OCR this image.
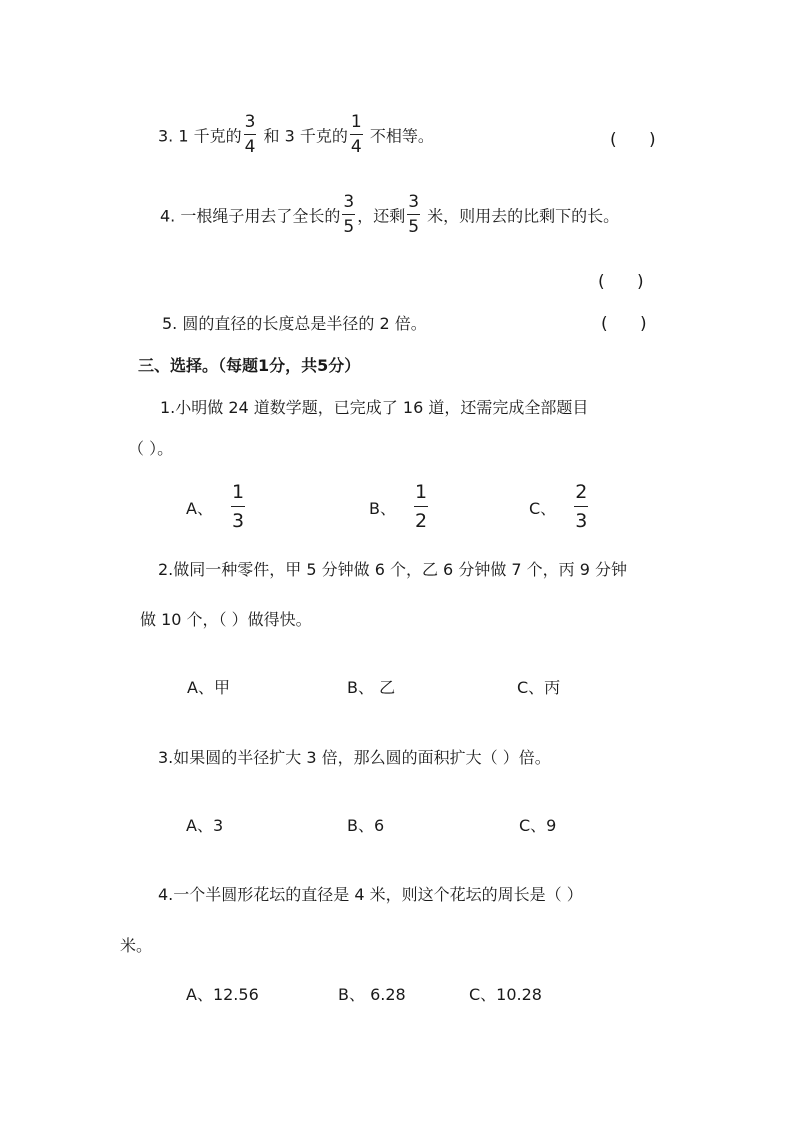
3. 1 千克的 $\frac{3}{4}$ 和 3 千克的 $\frac{1}{4}$ 不相等。	(      )
4. 一根绳子用去了全长的 $\frac{3}{5}$ ，还剩 $\frac{3}{5}$ 米，则用去的比剩下的长。
(      )
5. 圆的直径的长度总是半径的 2 倍。	(      )
三、选择。（每题1分，共5分）
1.小明做 24 道数学题，已完成了 16 道，还需完成全部题目
（ ）。
A、 $\frac{1}{3}$	B、 $\frac{1}{2}$	C、 $\frac{2}{3}$
2.做同一种零件，甲 5 分钟做 6 个，乙 6 分钟做 7 个，丙 9 分钟
做 10 个，（ ）做得快。
A、甲	B、 乙	C、丙
3.如果圆的半径扩大 3 倍，那么圆的面积扩大（ ）倍。
A、3	B、6	C、9
4.一个半圆形花坛的直径是 4 米，则这个花坛的周长是（ ）
米。
A、12.56	B、 6.28	C、10.28
